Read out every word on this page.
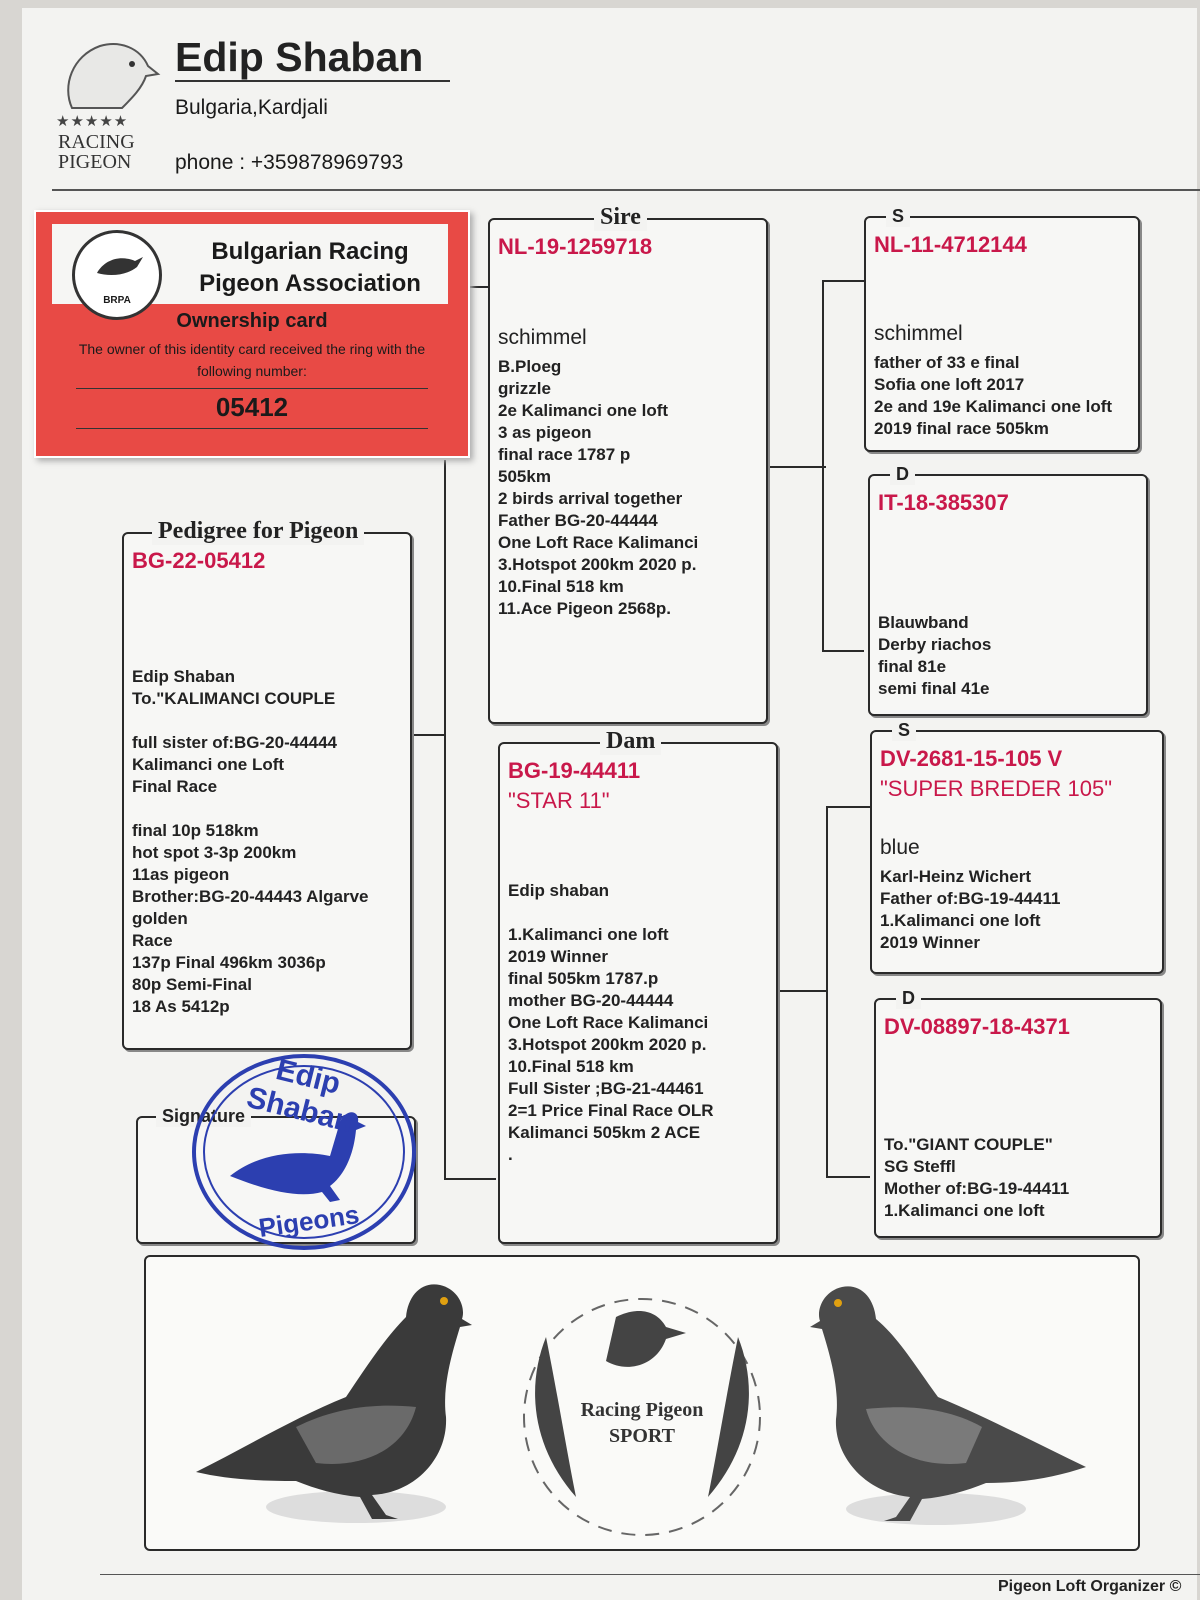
★★★★★
RACING PIGEON
Edip Shaban
Bulgaria,Kardjali
phone : +359878969793
BRPA
Bulgarian Racing Pigeon Association
Ownership card
The owner of this identity card received the ring with the following number:
05412
Pedigree for Pigeon
BG-22-05412
Edip Shaban
To."KALIMANCI COUPLE

full sister of:BG-20-44444
Kalimanci one Loft
Final Race

final 10p 518km
hot spot 3-3p 200km
11as pigeon
Brother:BG-20-44443 Algarve golden
Race
137p Final 496km 3036p
80p Semi-Final
18 As 5412p
Signature
Edip Shaban
Pigeons
Sire
NL-19-1259718
schimmel
B.Ploeg
grizzle
2e Kalimanci one loft
3 as pigeon
final race 1787 p
505km
2 birds arrival together
Father BG-20-44444
One Loft Race Kalimanci
3.Hotspot 200km 2020 p.
10.Final 518 km
11.Ace Pigeon 2568p.
Dam
BG-19-44411
"STAR 11"
Edip shaban

1.Kalimanci one loft
2019 Winner
final 505km 1787.p
mother BG-20-44444
One Loft Race Kalimanci
3.Hotspot 200km 2020 p.
10.Final 518 km
Full Sister ;BG-21-44461
2=1 Price Final Race OLR
Kalimanci 505km 2 ACE
.
S
NL-11-4712144
schimmel
father of 33 e final
Sofia one loft 2017
2e and 19e Kalimanci one loft
2019 final race 505km
D
IT-18-385307
Blauwband
Derby riachos
final 81e
semi final 41e
S
DV-2681-15-105 V
"SUPER BREDER 105"
blue
Karl-Heinz Wichert
Father of:BG-19-44411
1.Kalimanci one loft
2019 Winner
D
DV-08897-18-4371
To."GIANT COUPLE"
SG Steffl
Mother of:BG-19-44411
1.Kalimanci one loft
Racing Pigeon SPORT
Pigeon Loft Organizer ©
